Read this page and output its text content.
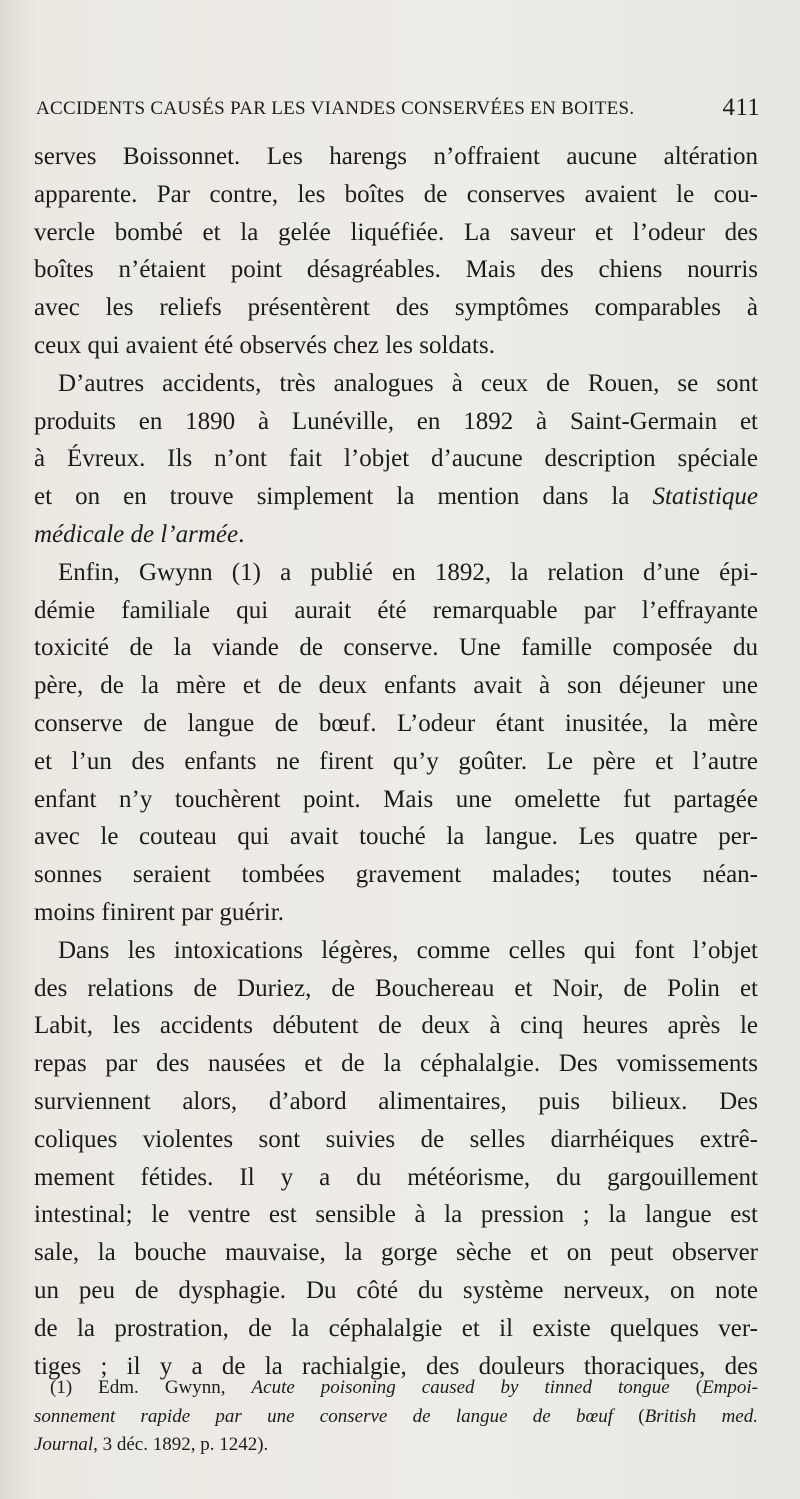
ACCIDENTS CAUSÉS PAR LES VIANDES CONSERVÉES EN BOITES.	411
serves Boissonnet. Les harengs n’offraient aucune altération
apparente. Par contre, les boîtes de conserves avaient le cou-
vercle bombé et la gelée liquéfiée. La saveur et l’odeur des
boîtes n’étaient point désagréables. Mais des chiens nourris
avec les reliefs présentèrent des symptômes comparables à
ceux qui avaient été observés chez les soldats.
D’autres accidents, très analogues à ceux de Rouen, se sont
produits en 1890 à Lunéville, en 1892 à Saint-Germain et
à Évreux. Ils n’ont fait l’objet d’aucune description spéciale
et on en trouve simplement la mention dans la Statistique
médicale de l’armée.
Enfin, Gwynn (1) a publié en 1892, la relation d’une épi-
démie familiale qui aurait été remarquable par l’effrayante
toxicité de la viande de conserve. Une famille composée du
père, de la mère et de deux enfants avait à son déjeuner une
conserve de langue de bœuf. L’odeur étant inusitée, la mère
et l’un des enfants ne firent qu’y goûter. Le père et l’autre
enfant n’y touchèrent point. Mais une omelette fut partagée
avec le couteau qui avait touché la langue. Les quatre per-
sonnes seraient tombées gravement malades; toutes néan-
moins finirent par guérir.
Dans les intoxications légères, comme celles qui font l’objet
des relations de Duriez, de Bouchereau et Noir, de Polin et
Labit, les accidents débutent de deux à cinq heures après le
repas par des nausées et de la céphalalgie. Des vomissements
surviennent alors, d’abord alimentaires, puis bilieux. Des
coliques violentes sont suivies de selles diarrhéiques extrê-
mement fétides. Il y a du météorisme, du gargouillement
intestinal; le ventre est sensible à la pression ; la langue est
sale, la bouche mauvaise, la gorge sèche et on peut observer
un peu de dysphagie. Du côté du système nerveux, on note
de la prostration, de la céphalalgie et il existe quelques ver-
tiges ; il y a de la rachialgie, des douleurs thoraciques, des
(1) Edm. Gwynn, Acute poisoning caused by tinned tongue (Empoi-
sonnement rapide par une conserve de langue de bœuf (British med.
Journal, 3 déc. 1892, p. 1242).
